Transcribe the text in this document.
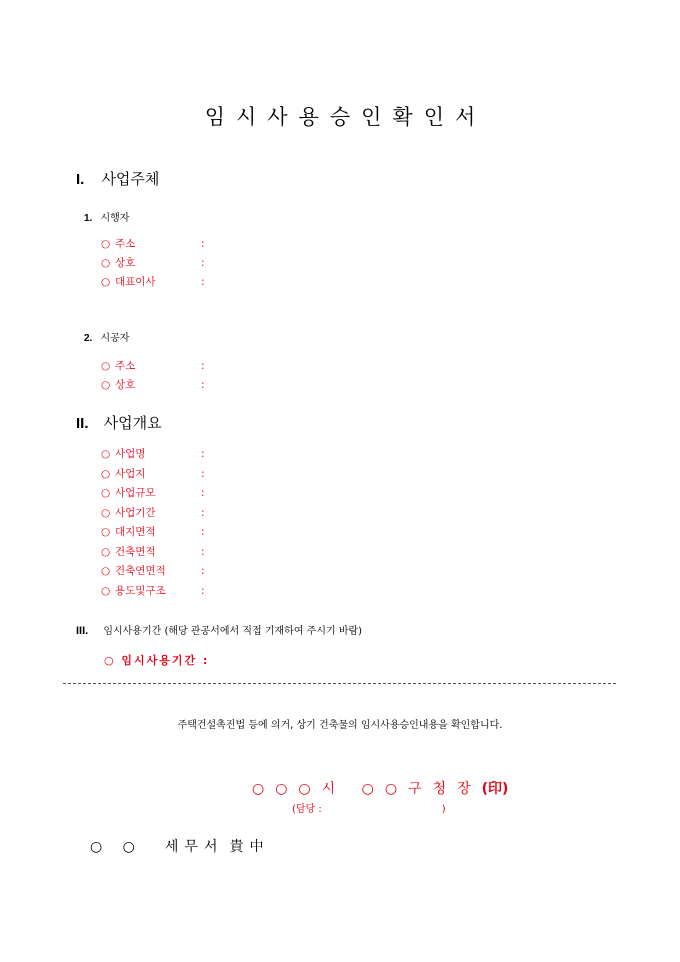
임시사용승인확인서
I. 사업주체
1. 시행자
○ 주소	:
○ 상호	:
○ 대표이사	:
2. 시공자
○ 주소	:
○ 상호	:
II. 사업개요
○ 사업명	:
○ 사업지	:
○ 사업규모	:
○ 사업기간	:
○ 대지면적	:
○ 건축면적	:
○ 건축연면적	:
○ 용도및구조	:
III. 임시사용기간 (해당 관공서에서 직접 기재하여 주시기 바람)
○ 임시사용기간 :
주택건설촉진법 등에 의거, 상기 건축물의 임시사용승인내용을 확인합니다.
○○○시 ○○구청장(印)
(담당 :	)
○ ○ 세무서 貴中
